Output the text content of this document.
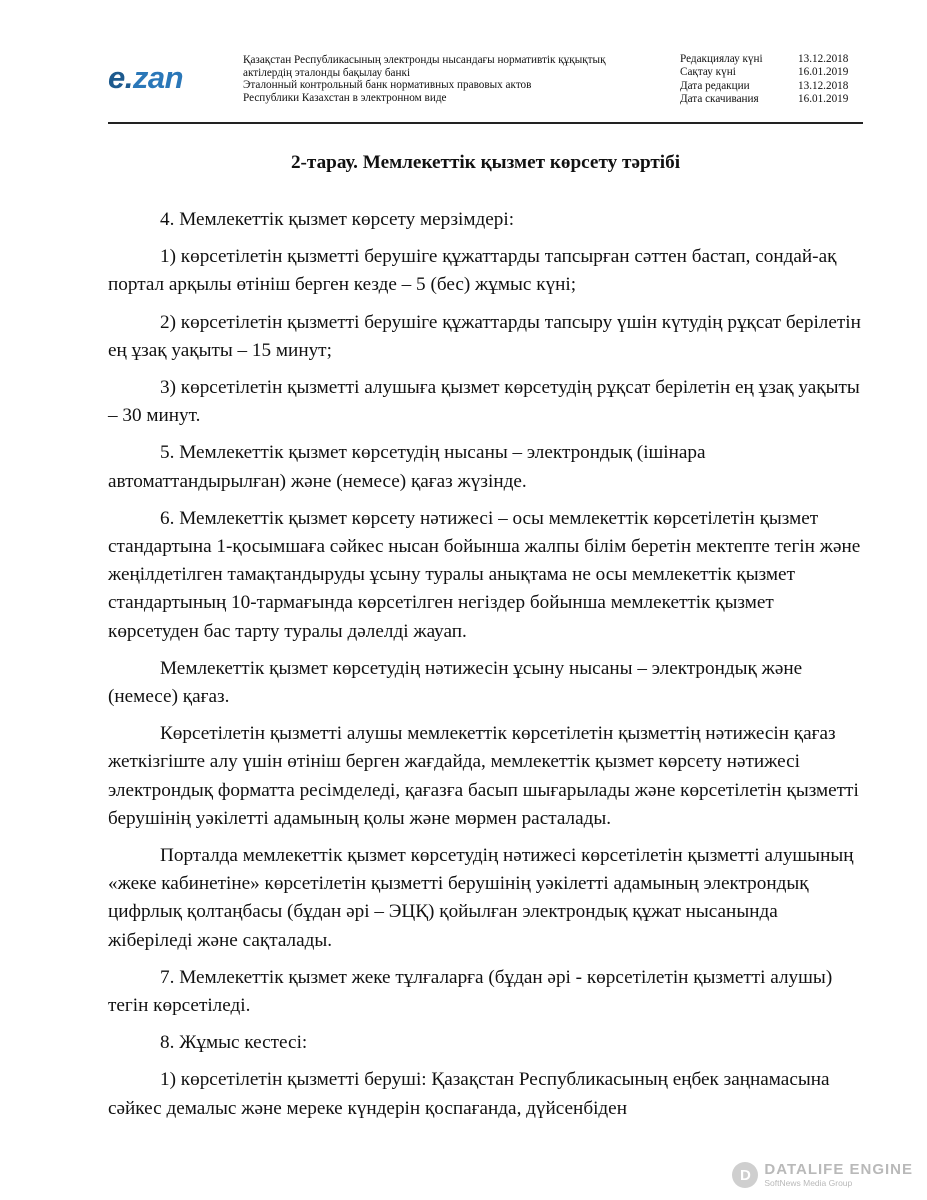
e.zan	Қазақстан Республикасының электронды нысандағы нормативтік құқықтық
актілердің эталонды бақылау банкі
Эталонный контрольный банк нормативных правовых актов
Республики Казахстан в электронном виде
Редакциялау күні	13.12.2018
Сақтау күні	16.01.2019
Дата редакции	13.12.2018
Дата скачивания	16.01.2019
2-тарау. Мемлекеттік қызмет көрсету тәртібі

4. Мемлекеттік қызмет көрсету мерзімдері:

1) көрсетілетін қызметті берушіге құжаттарды тапсырған сәттен бастап, сондай-ақ портал арқылы өтініш берген кезде – 5 (бес) жұмыс күні;

2) көрсетілетін қызметті берушіге құжаттарды тапсыру үшін күтудің рұқсат берілетін ең ұзақ уақыты – 15 минут;

3) көрсетілетін қызметті алушыға қызмет көрсетудің рұқсат берілетін ең ұзақ уақыты – 30 минут.

5. Мемлекеттік қызмет көрсетудің нысаны – электрондық (ішінара автоматтандырылған) және (немесе) қағаз жүзінде.

6. Мемлекеттік қызмет көрсету нәтижесі – осы мемлекеттік көрсетілетін қызмет стандартына 1-қосымшаға сәйкес нысан бойынша жалпы білім беретін мектепте тегін және жеңілдетілген тамақтандыруды ұсыну туралы анықтама не осы мемлекеттік қызмет стандартының 10-тармағында көрсетілген негіздер бойынша мемлекеттік қызмет көрсетуден бас тарту туралы дәлелді жауап.

Мемлекеттік қызмет көрсетудің нәтижесін ұсыну нысаны – электрондық және (немесе) қағаз.

Көрсетілетін қызметті алушы мемлекеттік көрсетілетін қызметтің нәтижесін қағаз жеткізгіште алу үшін өтініш берген жағдайда, мемлекеттік қызмет көрсету нәтижесі электрондық форматта ресімделеді, қағазға басып шығарылады және көрсетілетін қызметті берушінің уәкілетті адамының қолы және мөрмен расталады.

Порталда мемлекеттік қызмет көрсетудің нәтижесі көрсетілетін қызметті алушының «жеке кабинетіне» көрсетілетін қызметті берушінің уәкілетті адамының электрондық цифрлық қолтаңбасы (бұдан әрі – ЭЦҚ) қойылған электрондық құжат нысанында жіберіледі және сақталады.

7. Мемлекеттік қызмет жеке тұлғаларға (бұдан әрі - көрсетілетін қызметті алушы) тегін көрсетіледі.

8. Жұмыс кестесі:

1) көрсетілетін қызметті беруші: Қазақстан Республикасының еңбек заңнамасына сәйкес демалыс және мереке күндерін қоспағанда, дүйсенбіден

D DATALIFE ENGINE
SoftNews Media Group
